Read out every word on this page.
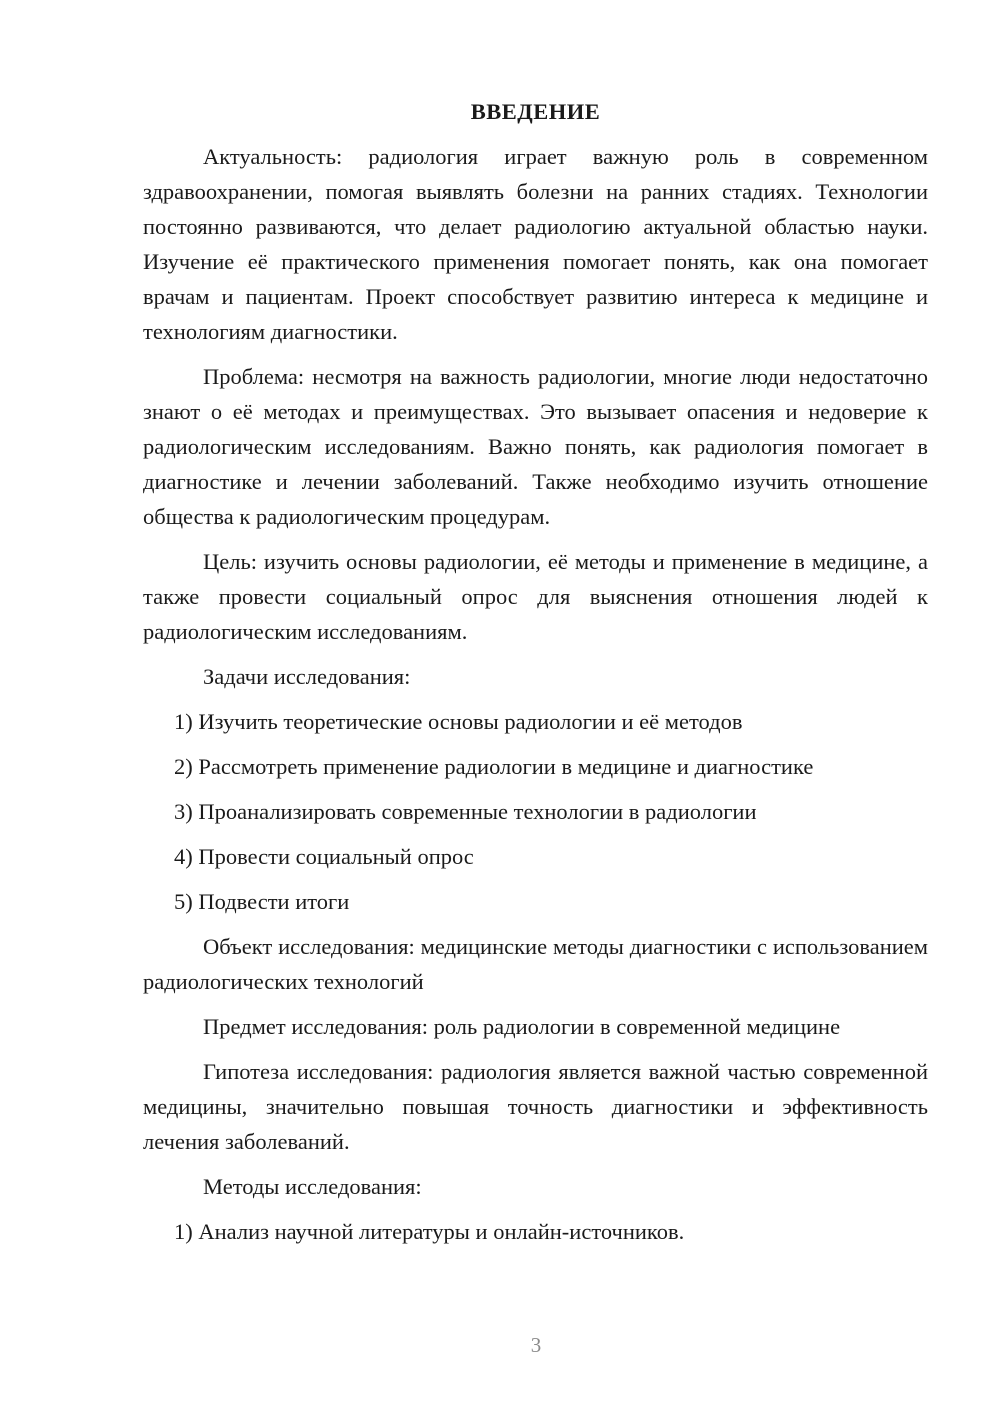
ВВЕДЕНИЕ

Актуальность: радиология играет важную роль в современном здравоохранении, помогая выявлять болезни на ранних стадиях. Технологии постоянно развиваются, что делает радиологию актуальной областью науки. Изучение её практического применения помогает понять, как она помогает врачам и пациентам. Проект способствует развитию интереса к медицине и технологиям диагностики.

Проблема: несмотря на важность радиологии, многие люди недостаточно знают о её методах и преимуществах. Это вызывает опасения и недоверие к радиологическим исследованиям. Важно понять, как радиология помогает в диагностике и лечении заболеваний. Также необходимо изучить отношение общества к радиологическим процедурам.

Цель: изучить основы радиологии, её методы и применение в медицине, а также провести социальный опрос для выяснения отношения людей к радиологическим исследованиям.

Задачи исследования:

1) Изучить теоретические основы радиологии и её методов

2) Рассмотреть применение радиологии в медицине и диагностике

3) Проанализировать современные технологии в радиологии

4) Провести социальный опрос

5) Подвести итоги

Объект исследования: медицинские методы диагностики с использованием радиологических технологий

Предмет исследования: роль радиологии в современной медицине

Гипотеза исследования: радиология является важной частью современной медицины, значительно повышая точность диагностики и эффективность лечения заболеваний.

Методы исследования:

1) Анализ научной литературы и онлайн-источников.

3
